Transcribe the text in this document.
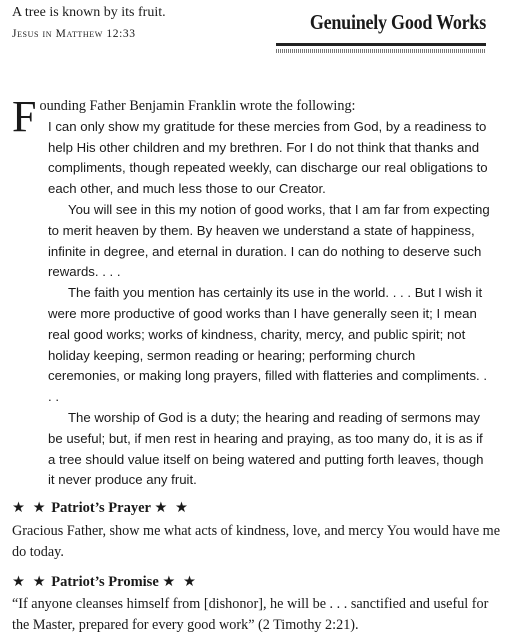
A tree is known by its fruit.
Jesus in Matthew 12:33	Genuinely Good Works
Founding Father Benjamin Franklin wrote the following:

I can only show my gratitude for these mercies from God, by a readiness to help His other children and my brethren. For I do not think that thanks and compliments, though repeated weekly, can discharge our real obligations to each other, and much less those to our Creator.

You will see in this my notion of good works, that I am far from expecting to merit heaven by them. By heaven we understand a state of happiness, infinite in degree, and eternal in duration. I can do nothing to deserve such rewards. . . .

The faith you mention has certainly its use in the world. . . . But I wish it were more productive of good works than I have generally seen it; I mean real good works; works of kindness, charity, mercy, and public spirit; not holiday keeping, sermon reading or hearing; performing church ceremonies, or making long prayers, filled with flatteries and compliments. . . .

The worship of God is a duty; the hearing and reading of sermons may be useful; but, if men rest in hearing and praying, as too many do, it is as if a tree should value itself on being watered and putting forth leaves, though it never produce any fruit.

★ ★ Patriot’s Prayer ★ ★
Gracious Father, show me what acts of kindness, love, and mercy You would have me do today.
★ ★ Patriot’s Promise ★ ★
“If anyone cleanses himself from [dishonor], he will be . . . sanctified and useful for the Master, prepared for every good work” (2 Timothy 2:21).
